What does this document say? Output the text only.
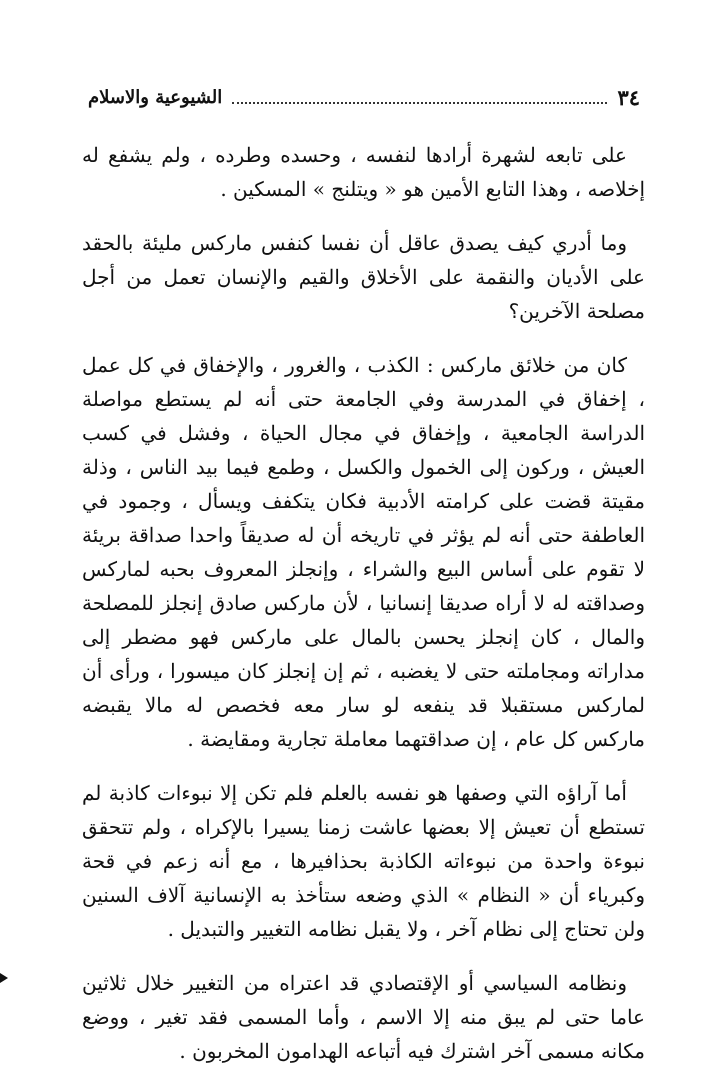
٣٤
الشيوعية والاسلام

على تابعه لشهرة أرادها لنفسه ، وحسده وطرده ، ولم يشفع له إخلاصه ، وهذا التابع الأمين هو « ويتلنج » المسكين .

وما أدري كيف يصدق عاقل أن نفسا كنفس ماركس مليئة بالحقد على الأديان والنقمة على الأخلاق والقيم والإنسان تعمل من أجل مصلحة الآخرين؟

كان من خلائق ماركس : الكذب ، والغرور ، والإخفاق في كل عمل ، إخفاق في المدرسة وفي الجامعة حتى أنه لم يستطع مواصلة الدراسة الجامعية ، وإخفاق في مجال الحياة ، وفشل في كسب العيش ، وركون إلى الخمول والكسل ، وطمع فيما بيد الناس ، وذلة مقيتة قضت على كرامته الأدبية فكان يتكفف ويسأل ، وجمود في العاطفة حتى أنه لم يؤثر في تاريخه أن له صديقاً واحدا صداقة بريئة لا تقوم على أساس البيع والشراء ، وإنجلز المعروف بحبه لماركس وصداقته له لا أراه صديقا إنسانيا ، لأن ماركس صادق إنجلز للمصلحة والمال ، كان إنجلز يحسن بالمال على ماركس فهو مضطر إلى مداراته ومجاملته حتى لا يغضبه ، ثم إن إنجلز كان ميسورا ، ورأى أن لماركس مستقبلا قد ينفعه لو سار معه فخصص له مالا يقبضه ماركس كل عام ، إن صداقتهما معاملة تجارية ومقايضة .

أما آراؤه التي وصفها هو نفسه بالعلم فلم تكن إلا نبوءات كاذبة لم تستطع أن تعيش إلا بعضها عاشت زمنا يسيرا بالإكراه ، ولم تتحقق نبوءة واحدة من نبوءاته الكاذبة بحذافيرها ، مع أنه زعم في قحة وكبرياء أن « النظام » الذي وضعه ستأخذ به الإنسانية آلاف السنين ولن تحتاج إلى نظام آخر ، ولا يقبل نظامه التغيير والتبديل .

ونظامه السياسي أو الإقتصادي قد اعتراه من التغيير خلال ثلاثين عاما حتى لم يبق منه إلا الاسم ، وأما المسمى فقد تغير ، ووضع مكانه مسمى آخر اشترك فيه أتباعه الهدامون المخربون .
